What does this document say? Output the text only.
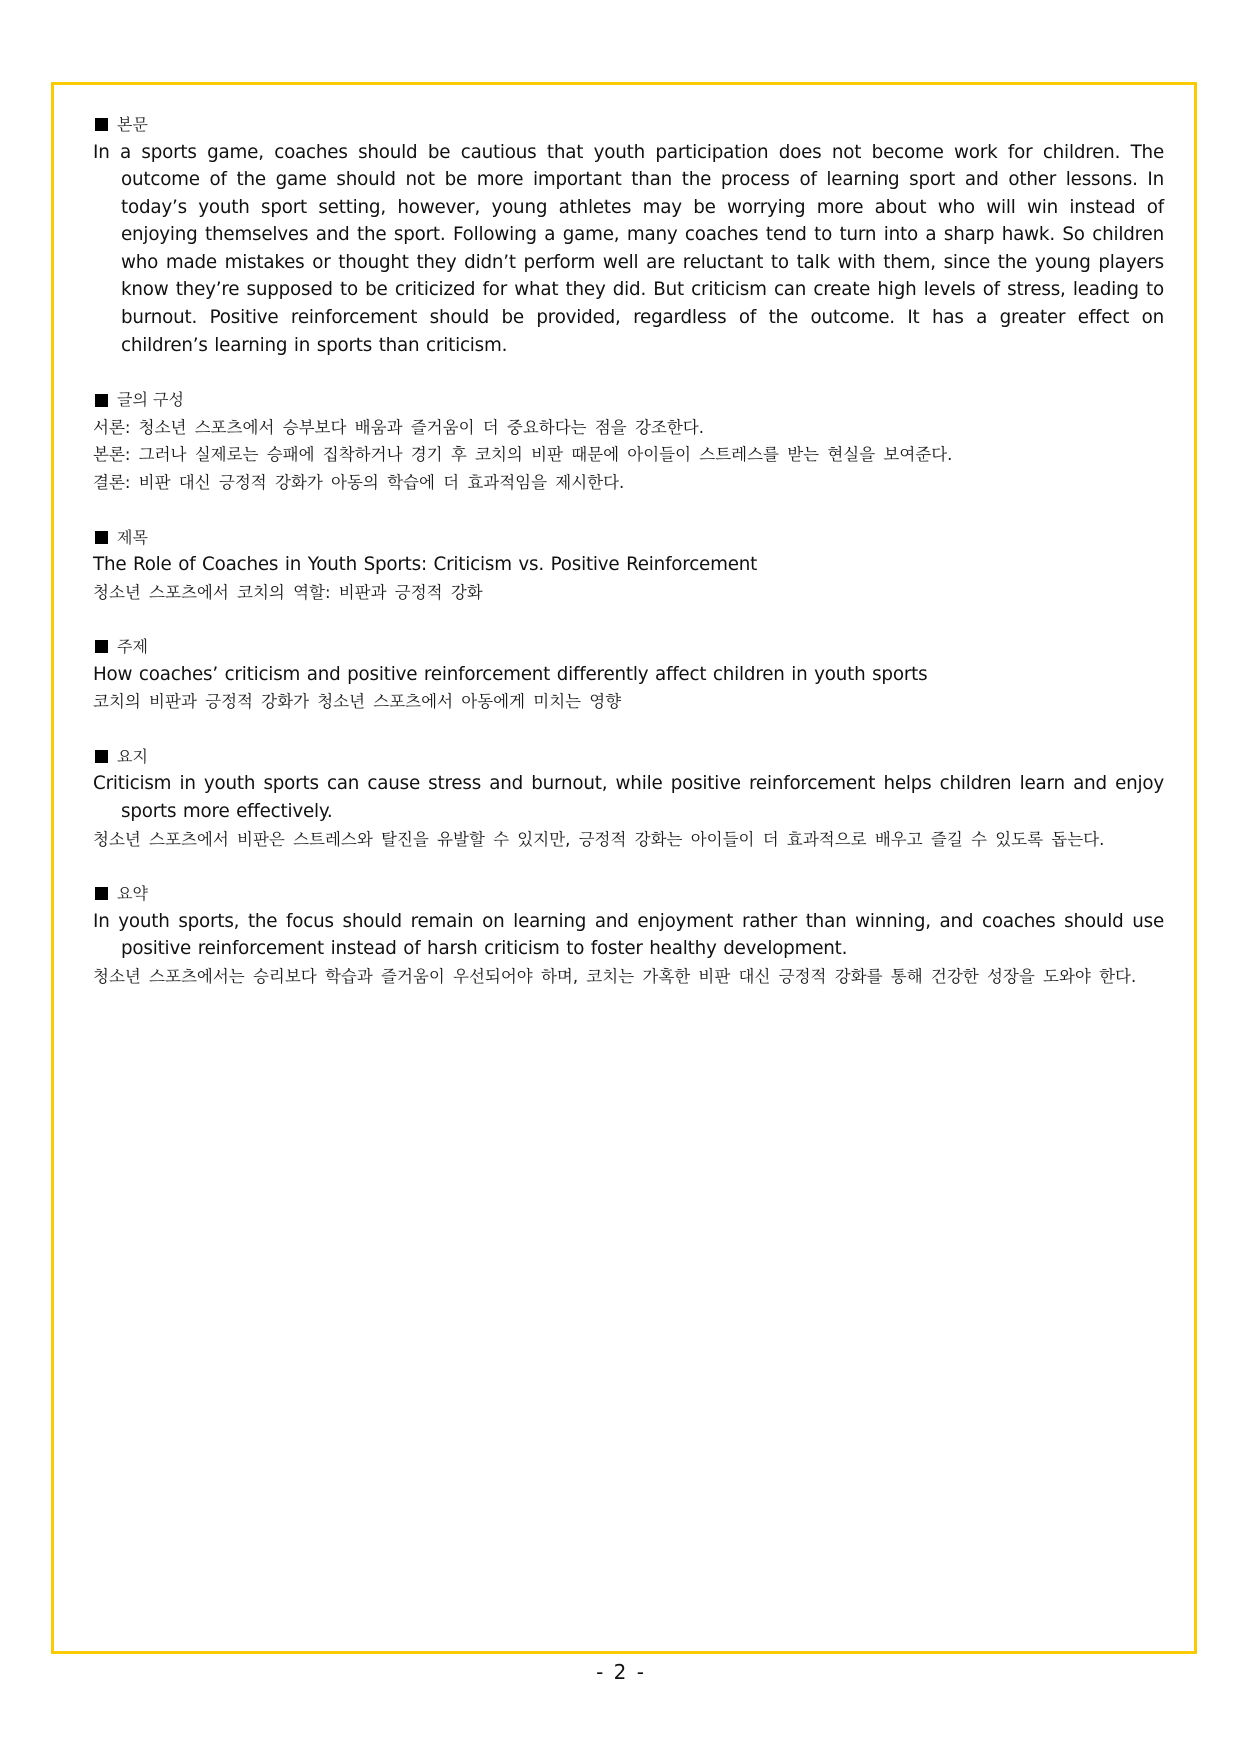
본문
In a sports game, coaches should be cautious that youth participation does not become work for children. The outcome of the game should not be more important than the process of learning sport and other lessons. In today’s youth sport setting, however, young athletes may be worrying more about who will win instead of enjoying themselves and the sport. Following a game, many coaches tend to turn into a sharp hawk. So children who made mistakes or thought they didn’t perform well are reluctant to talk with them, since the young players know they’re supposed to be criticized for what they did. But criticism can create high levels of stress, leading to burnout. Positive reinforcement should be provided, regardless of the outcome. It has a greater effect on children’s learning in sports than criticism.
글의 구성
서론: 청소년 스포츠에서 승부보다 배움과 즐거움이 더 중요하다는 점을 강조한다.
본론: 그러나 실제로는 승패에 집착하거나 경기 후 코치의 비판 때문에 아이들이 스트레스를 받는 현실을 보여준다.
결론: 비판 대신 긍정적 강화가 아동의 학습에 더 효과적임을 제시한다.
제목
The Role of Coaches in Youth Sports: Criticism vs. Positive Reinforcement
청소년 스포츠에서 코치의 역할: 비판과 긍정적 강화
주제
How coaches’ criticism and positive reinforcement differently affect children in youth sports
코치의 비판과 긍정적 강화가 청소년 스포츠에서 아동에게 미치는 영향
요지
Criticism in youth sports can cause stress and burnout, while positive reinforcement helps children learn and enjoy sports more effectively.
청소년 스포츠에서 비판은 스트레스와 탈진을 유발할 수 있지만, 긍정적 강화는 아이들이 더 효과적으로 배우고 즐길 수 있도록 돕는다.
요약
In youth sports, the focus should remain on learning and enjoyment rather than winning, and coaches should use positive reinforcement instead of harsh criticism to foster healthy development.
청소년 스포츠에서는 승리보다 학습과 즐거움이 우선되어야 하며, 코치는 가혹한 비판 대신 긍정적 강화를 통해 건강한 성장을 도와야 한다.
- 2 -
